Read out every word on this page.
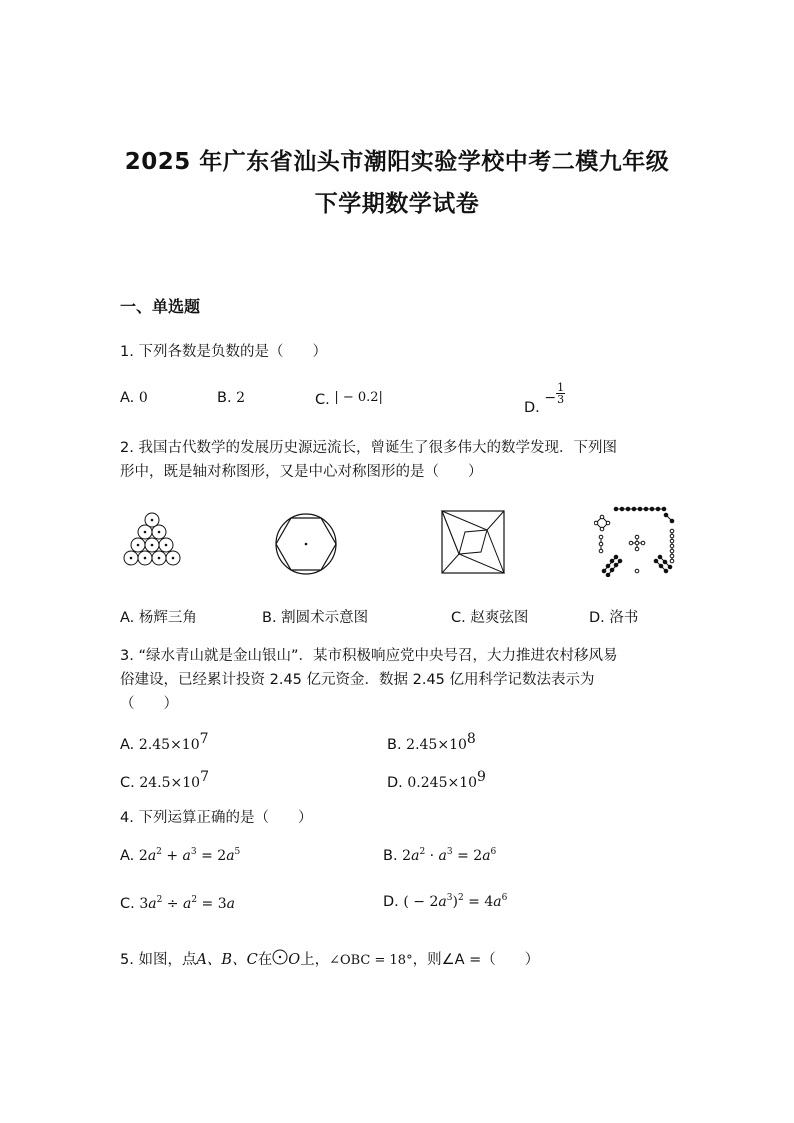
2025 年广东省汕头市潮阳实验学校中考二模九年级
下学期数学试卷
一、单选题
1. 下列各数是负数的是（　　）
A. 0	B. 2	C. | − 0.2|
D. − $\frac{1}{3}$
2. 我国古代数学的发展历史源远流长，曾诞生了很多伟大的数学发现．下列图
形中，既是轴对称图形，又是中心对称图形的是（　　）
A. 杨辉三角	B. 割圆术示意图	C. 赵爽弦图	D. 洛书
3. “绿水青山就是金山银山”．某市积极响应党中央号召，大力推进农村移风易
俗建设，已经累计投资 2.45 亿元资金．数据 2.45 亿用科学记数法表示为
（　　）
A. $2.45\times 10^7$	B. $2.45\times 10^8$
C. $24.5\times 10^7$	D. $0.245\times 10^9$
4. 下列运算正确的是（　　）
A. $2a^2 + a^3 = 2a^5$	B. $2a^2 \cdot a^3 = 2a^6$
C. $3a^2 \div a^2 = 3a$	D. ( − $2a^3)^2 = 4a^6$
5. 如图，点A、B、C在 O上，∠OBC = 18°，则∠A =（　　）
